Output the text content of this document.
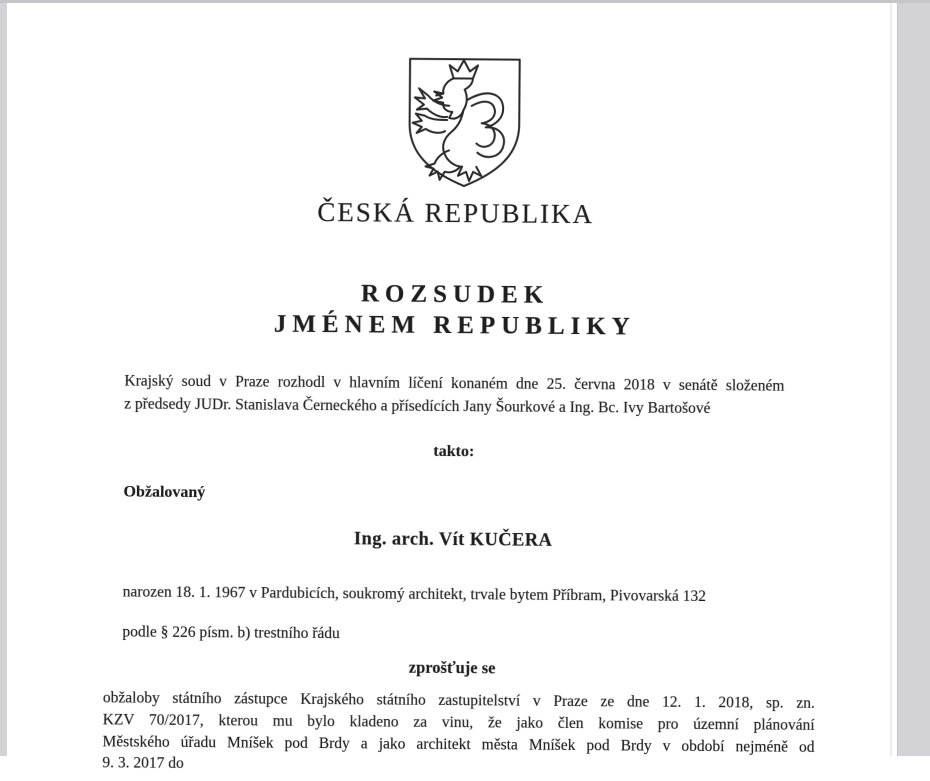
ČESKÁ REPUBLIKA
ROZSUDEK
JMÉNEM REPUBLIKY
Krajský soud v Praze rozhodl v hlavním líčení konaném dne 25. června 2018 v senátě složeném
z předsedy JUDr. Stanislava Černeckého a přísedících Jany Šourkové a Ing. Bc. Ivy Bartošové
takto:
Obžalovaný
Ing. arch. Vít KUČERA
narozen 18. 1. 1967 v Pardubicích, soukromý architekt, trvale bytem Příbram, Pivovarská 132
podle § 226 písm. b) trestního řádu
zprošťuje se
obžaloby státního zástupce Krajského státního zastupitelství v Praze ze dne 12. 1. 2018, sp. zn.
KZV 70/2017, kterou mu bylo kladeno za vinu, že jako člen komise pro územní plánování
Městského úřadu Mníšek pod Brdy a jako architekt města Mníšek pod Brdy v období nejméně od
9. 3. 2017 do
